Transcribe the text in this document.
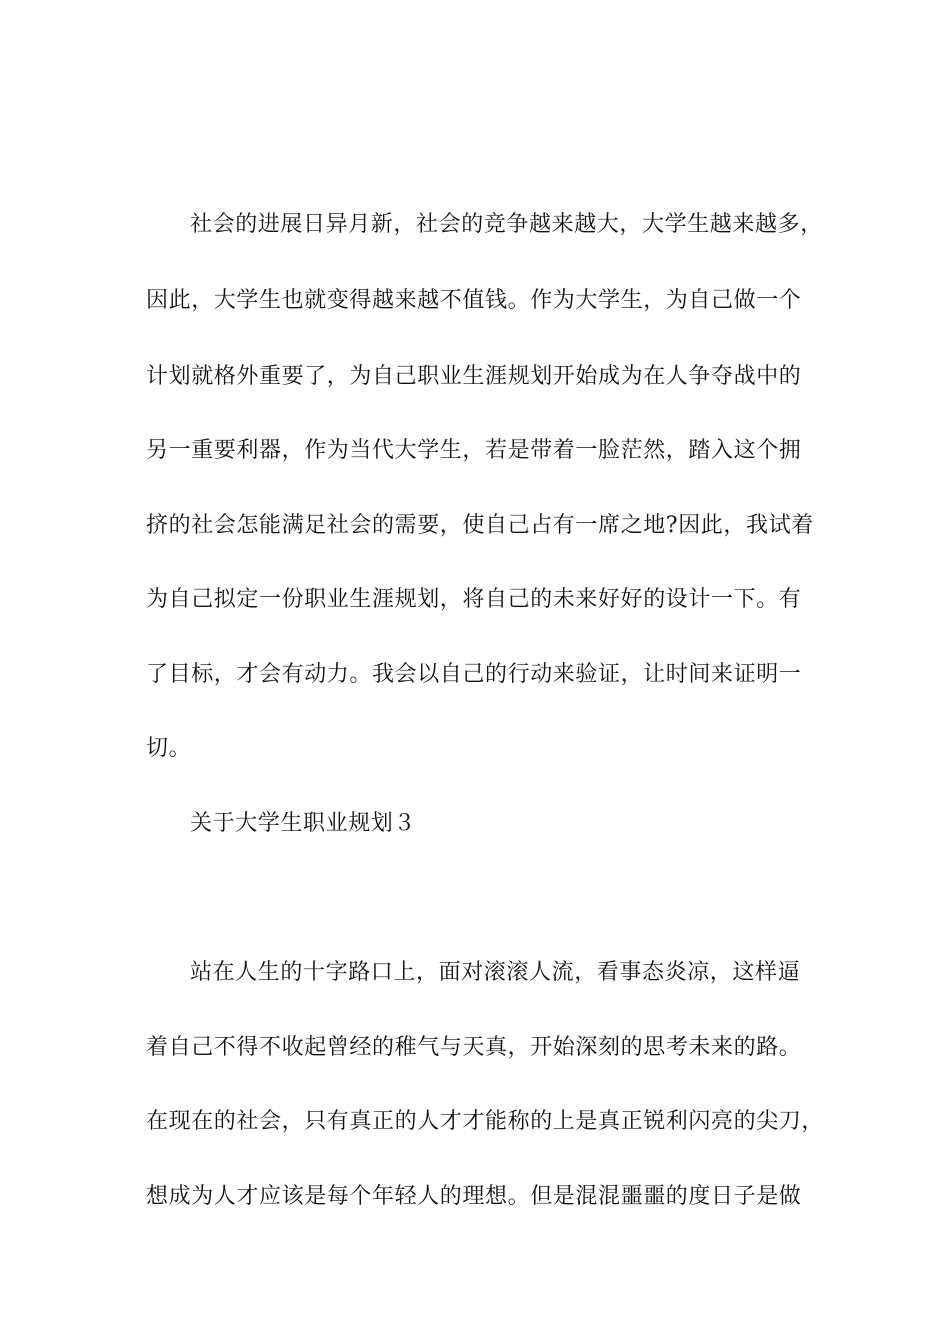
社会的进展日异月新，社会的竞争越来越大，大学生越来越多，

因此，大学生也就变得越来越不值钱。作为大学生，为自己做一个

计划就格外重要了，为自己职业生涯规划开始成为在人争夺战中的

另一重要利器，作为当代大学生，若是带着一脸茫然，踏入这个拥

挤的社会怎能满足社会的需要，使自己占有一席之地?因此，我试着

为自己拟定一份职业生涯规划，将自己的未来好好的设计一下。有

了目标，才会有动力。我会以自己的行动来验证，让时间来证明一

切。

关于大学生职业规划３

站在人生的十字路口上，面对滚滚人流，看事态炎凉，这样逼

着自己不得不收起曾经的稚气与天真，开始深刻的思考未来的路。

在现在的社会，只有真正的人才才能称的上是真正锐利闪亮的尖刀，

想成为人才应该是每个年轻人的理想。但是混混噩噩的度日子是做
